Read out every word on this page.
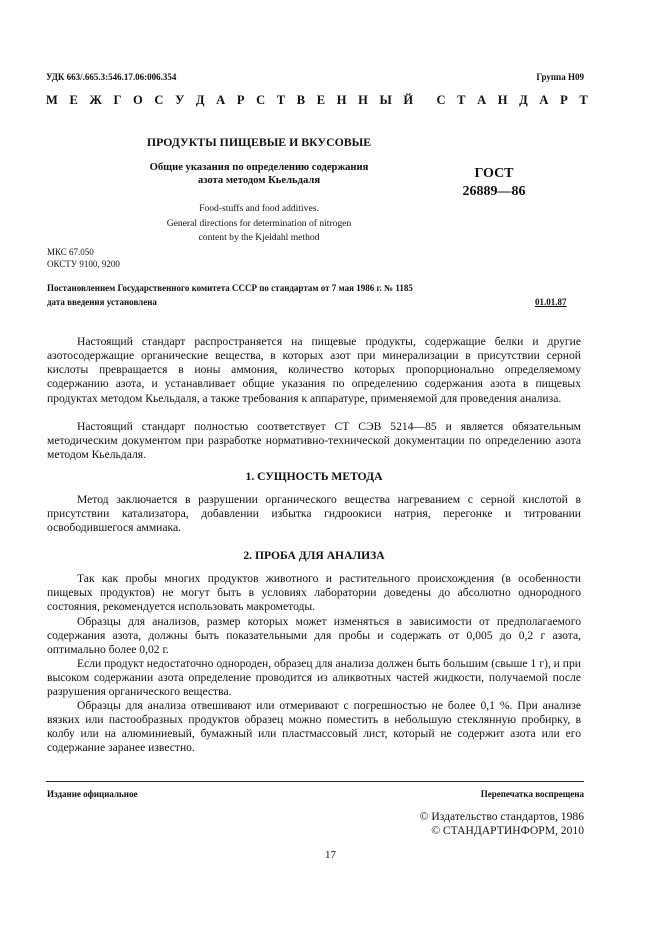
УДК 663/.665.3:546.17.06:006.354	Группа Н09
М Е Ж Г О С У Д А Р С Т В Е Н Н Ы Й С Т А Н Д А Р Т
ПРОДУКТЫ ПИЩЕВЫЕ И ВКУСОВЫЕ
Общие указания по определению содержания
азота методом Кьельдаля
Food-stuffs and food additives.
General directions for determination of nitrogen
content by the Kjeldahl method
ГОСТ
26889—86
МКС 67.050
ОКСТУ 9100, 9200
Постановлением Государственного комитета СССР по стандартам от 7 мая 1986 г. № 1185
дата введения установлена	01.01.87
Настоящий стандарт распространяется на пищевые продукты, содержащие белки и другие азотосодержащие органические вещества, в которых азот при минерализации в присутствии серной кислоты превращается в ионы аммония, количество которых пропорционально определяемому содержанию азота, и устанавливает общие указания по определению содержания азота в пищевых продуктах методом Кьельдаля, а также требования к аппаратуре, применяемой для проведения анализа.
Настоящий стандарт полностью соответствует СТ СЭВ 5214—85 и является обязательным методическим документом при разработке нормативно-технической документации по определению азота методом Кьельдаля.
1. СУЩНОСТЬ МЕТОДА
Метод заключается в разрушении органического вещества нагреванием с серной кислотой в присутствии катализатора, добавлении избытка гидроокиси натрия, перегонке и титровании освободившегося аммиака.
2. ПРОБА ДЛЯ АНАЛИЗА
Так как пробы многих продуктов животного и растительного происхождения (в особенности пищевых продуктов) не могут быть в условиях лаборатории доведены до абсолютно однородного состояния, рекомендуется использовать макрометоды.
Образцы для анализов, размер которых может изменяться в зависимости от предполагаемого содержания азота, должны быть показательными для пробы и содержать от 0,005 до 0,2 г азота, оптимально более 0,02 г.
Если продукт недостаточно однороден, образец для анализа должен быть большим (свыше 1 г), и при высоком содержании азота определение проводится из аликвотных частей жидкости, получаемой после разрушения органического вещества.
Образцы для анализа отвешивают или отмеривают с погрешностью не более 0,1 %. При анализе вязких или пастообразных продуктов образец можно поместить в небольшую стеклянную пробирку, в колбу или на алюминиевый, бумажный или пластмассовый лист, который не содержит азота или его содержание заранее известно.
Издание официальное	Перепечатка воспрещена
© Издательство стандартов, 1986
© СТАНДАРТИНФОРМ, 2010
17
